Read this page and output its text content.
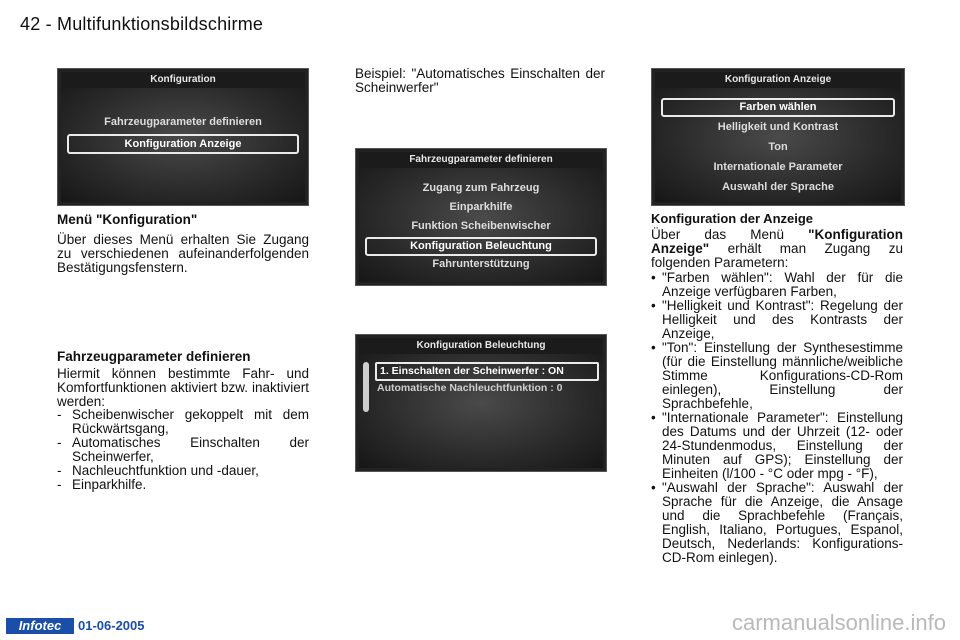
42 - Multifunktionsbildschirme
Konfiguration
Fahrzeugparameter definieren
Konfiguration Anzeige
Menü "Konfiguration"
Über dieses Menü erhalten Sie Zugang zu verschiedenen aufeinanderfolgenden Bestätigungsfenstern.
Fahrzeugparameter definieren
Hiermit können bestimmte Fahr- und Komfortfunktionen aktiviert bzw. inaktiviert werden:
- Scheibenwischer gekoppelt mit dem Rückwärtsgang,
- Automatisches Einschalten der Scheinwerfer,
- Nachleuchtfunktion und -dauer,
- Einparkhilfe.
Beispiel: "Automatisches Einschalten der Scheinwerfer"
Fahrzeugparameter definieren
Zugang zum Fahrzeug
Einparkhilfe
Funktion Scheibenwischer
Konfiguration Beleuchtung
Fahrunterstützung
Konfiguration Beleuchtung
1. Einschalten der Scheinwerfer : ON
Automatische Nachleuchtfunktion : 0
Konfiguration Anzeige
Farben wählen
Helligkeit und Kontrast
Ton
Internationale Parameter
Auswahl der Sprache
Konfiguration der Anzeige
Über das Menü "Konfiguration Anzeige" erhält man Zugang zu folgenden Parametern:
• "Farben wählen": Wahl der für die Anzeige verfügbaren Farben,
• "Helligkeit und Kontrast": Regelung der Helligkeit und des Kontrasts der Anzeige,
• "Ton": Einstellung der Synthesestimme (für die Einstellung männliche/weibliche Stimme Konfigurations-CD-Rom einlegen), Einstellung der Sprachbefehle,
• "Internationale Parameter": Einstellung des Datums und der Uhrzeit (12- oder 24-Stundenmodus, Einstellung der Minuten auf GPS); Einstellung der Einheiten (l/100 - °C oder mpg - °F),
• "Auswahl der Sprache": Auswahl der Sprache für die Anzeige, die Ansage und die Sprachbefehle (Français, English, Italiano, Portugues, Espanol, Deutsch, Nederlands: Konfigurations-CD-Rom einlegen).
Infotec	01-06-2005	carmanualsonline.info
